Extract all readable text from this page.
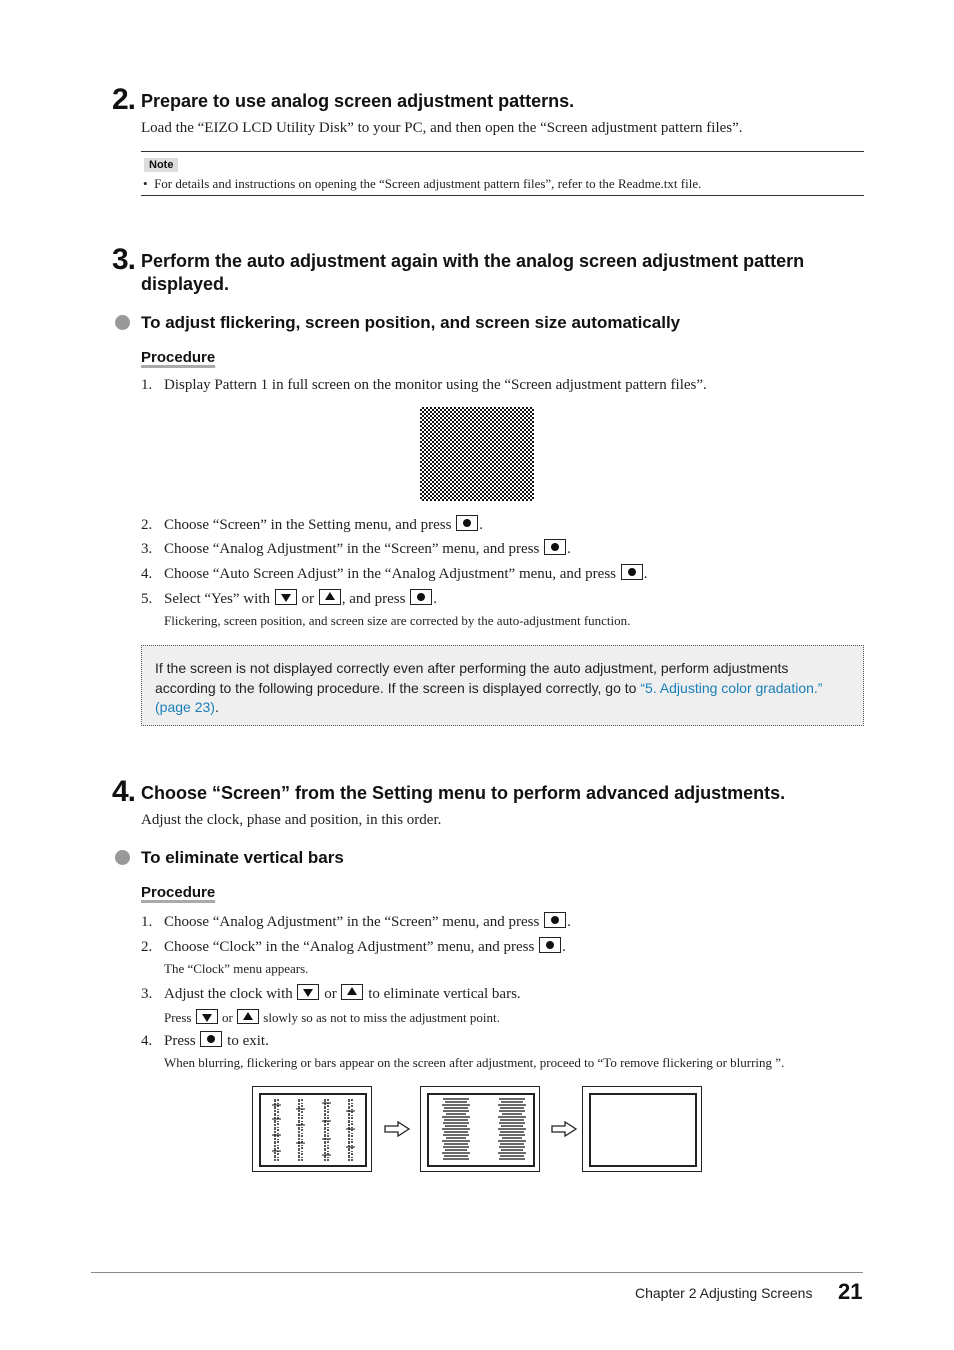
2. Prepare to use analog screen adjustment patterns.
Load the “EIZO LCD Utility Disk” to your PC, and then open the “Screen adjustment pattern files”.
Note
•  For details and instructions on opening the “Screen adjustment pattern files”, refer to the Readme.txt file.
3. Perform the auto adjustment again with the analog screen adjustment pattern
displayed.
To adjust flickering, screen position, and screen size automatically
Procedure
1. Display Pattern 1 in full screen on the monitor using the “Screen adjustment pattern files”.
2. Choose “Screen” in the Setting menu, and press .
3. Choose “Analog Adjustment” in the “Screen” menu, and press .
4. Choose “Auto Screen Adjust” in the “Analog Adjustment” menu, and press .
5. Select “Yes” with or , and press .
Flickering, screen position, and screen size are corrected by the auto-adjustment function.
If the screen is not displayed correctly even after performing the auto adjustment, perform adjustments
according to the following procedure. If the screen is displayed correctly, go to “5. Adjusting color gradation.”
(page 23).
4. Choose “Screen” from the Setting menu to perform advanced adjustments.
Adjust the clock, phase and position, in this order.
To eliminate vertical bars
Procedure
1. Choose “Analog Adjustment” in the “Screen” menu, and press .
2. Choose “Clock” in the “Analog Adjustment” menu, and press .
The “Clock” menu appears.
3. Adjust the clock with or to eliminate vertical bars.
Press or slowly so as not to miss the adjustment point.
4. Press to exit.
When blurring, flickering or bars appear on the screen after adjustment, proceed to “To remove flickering or blurring ”.
Chapter 2 Adjusting Screens 21
